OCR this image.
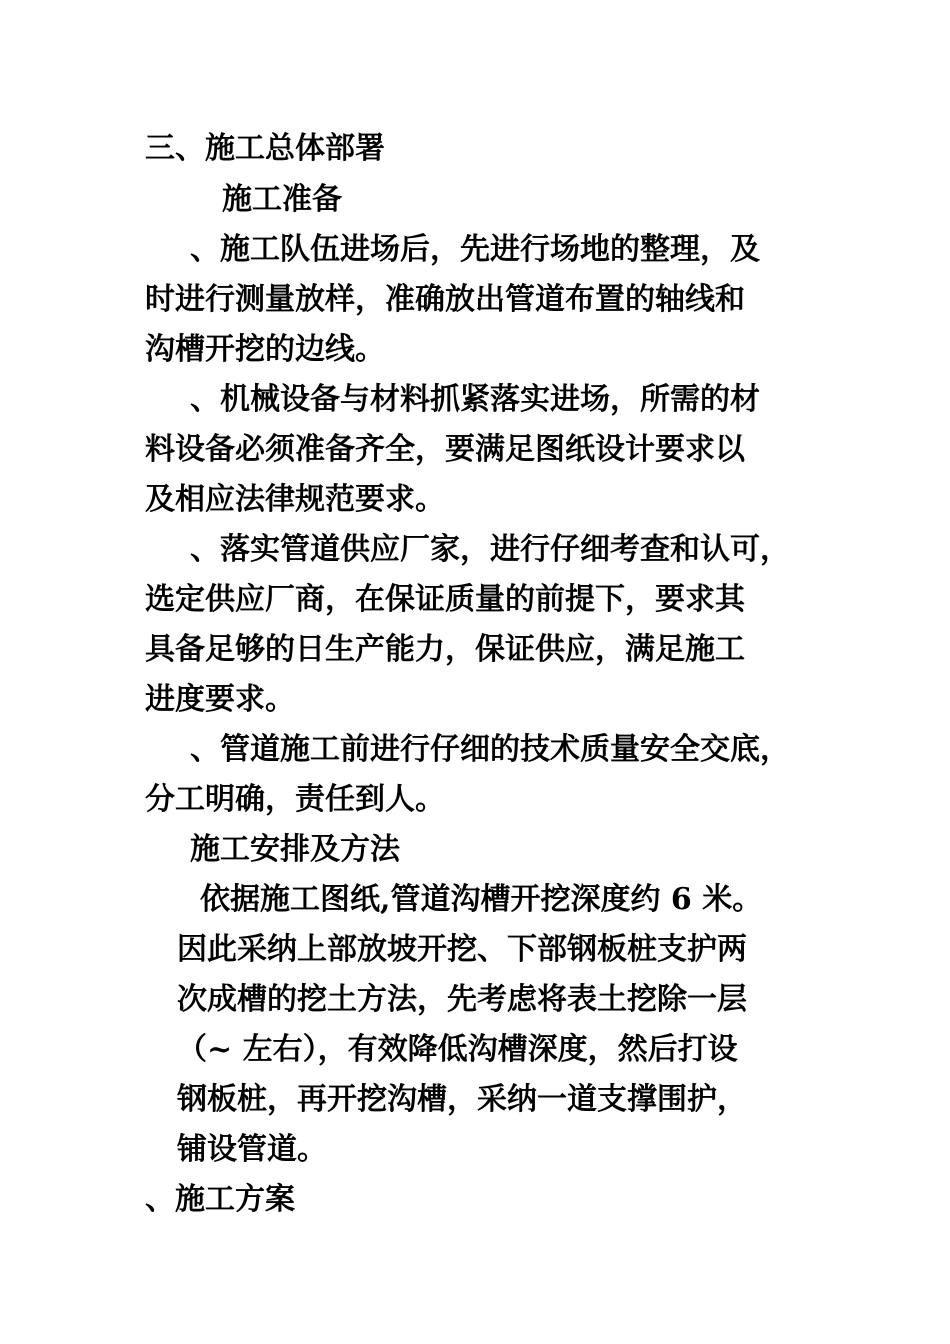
三、施工总体部署
施工准备
、施工队伍进场后，先进行场地的整理，及
时进行测量放样，准确放出管道布置的轴线和
沟槽开挖的边线。
、机械设备与材料抓紧落实进场，所需的材
料设备必须准备齐全，要满足图纸设计要求以
及相应法律规范要求。
、落实管道供应厂家，进行仔细考查和认可，
选定供应厂商，在保证质量的前提下，要求其
具备足够的日生产能力，保证供应，满足施工
进度要求。
、管道施工前进行仔细的技术质量安全交底，
分工明确，责任到人。
施工安排及方法
依据施工图纸,管道沟槽开挖深度约 6 米。
因此采纳上部放坡开挖、下部钢板桩支护两
次成槽的挖土方法，先考虑将表土挖除一层
（~ 左右），有效降低沟槽深度，然后打设
钢板桩，再开挖沟槽，采纳一道支撑围护，
铺设管道。
、施工方案
